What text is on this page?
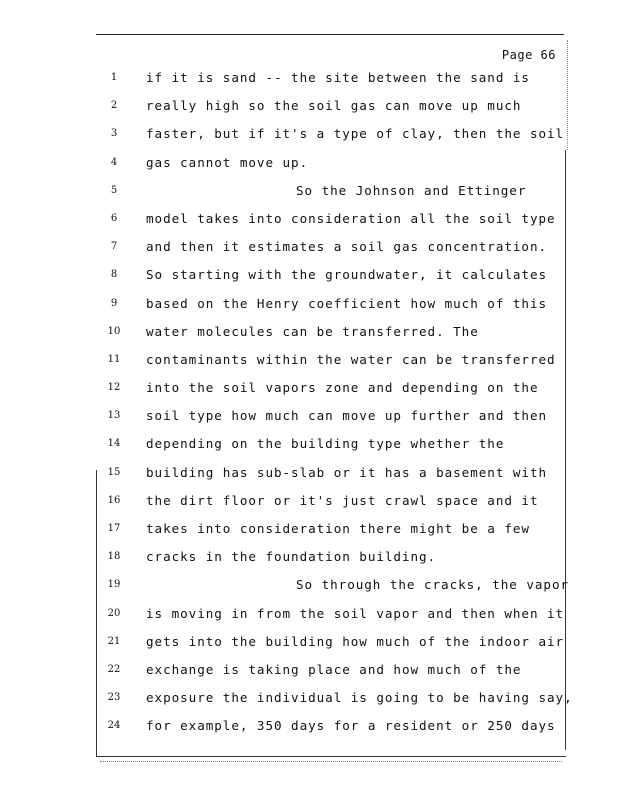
Page 66
1	if it is sand -- the site between the sand is
2	really high so the soil gas can move up much
3	faster, but if it's a type of clay, then the soil
4	gas cannot move up.
5	So the Johnson and Ettinger
6	model takes into consideration all the soil type
7	and then it estimates a soil gas concentration.
8	So starting with the groundwater, it calculates
9	based on the Henry coefficient how much of this
10 water molecules can be transferred. The
11 contaminants within the water can be transferred
12 into the soil vapors zone and depending on the
13 soil type how much can move up further and then
14 depending on the building type whether the
15 building has sub-slab or it has a basement with
16 the dirt floor or it's just crawl space and it
17 takes into consideration there might be a few
18 cracks in the foundation building.
19	So through the cracks, the vapor
20 is moving in from the soil vapor and then when it
21 gets into the building how much of the indoor air
22 exchange is taking place and how much of the
23 exposure the individual is going to be having say,
24 for example, 350 days for a resident or 250 days
